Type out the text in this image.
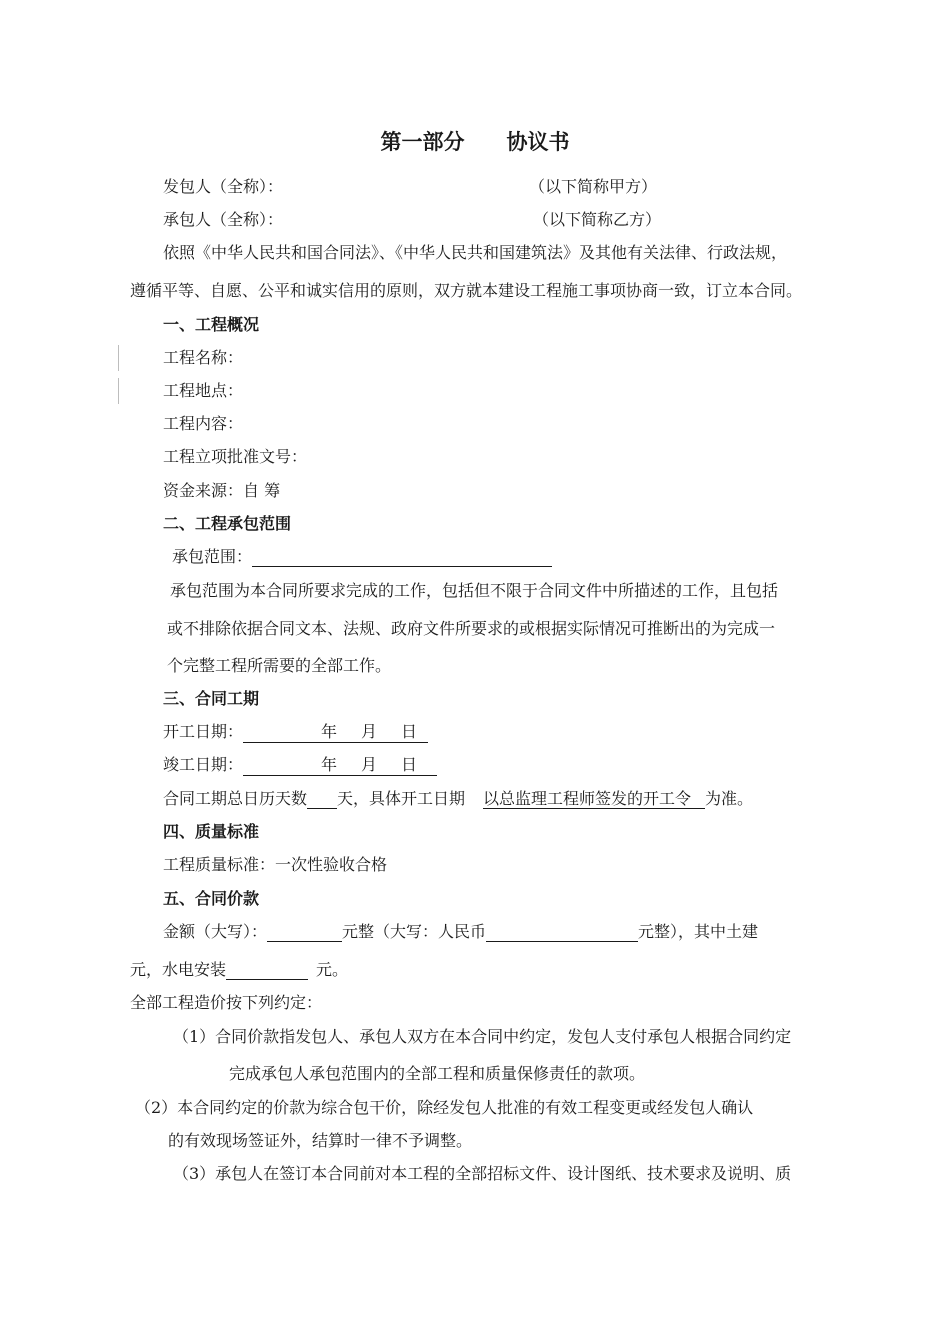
第一部分 协议书
发包人（全称）：	（以下简称甲方）
承包人（全称）：	（以下简称乙方）
依照《中华人民共和国合同法》、《中华人民共和国建筑法》及其他有关法律、行政法规，
遵循平等、自愿、公平和诚实信用的原则，双方就本建设工程施工事项协商一致，订立本合同。
一、工程概况
工程名称：
工程地点：
工程内容：
工程立项批准文号：
资金来源：自 筹
二、工程承包范围
承包范围：
承包范围为本合同所要求完成的工作，包括但不限于合同文件中所描述的工作，且包括
或不排除依据合同文本、法规、政府文件所要求的或根据实际情况可推断出的为完成一
个完整工程所需要的全部工作。
三、合同工期
开工日期：	年 月 日
竣工日期：	年 月 日
合同工期总日历天数 天，具体开工日期 以总监理工程师签发的开工令 为准。
四、质量标准
工程质量标准：一次性验收合格
五、合同价款
金额（大写）：	元整（大写：人民币	元整），其中土建
元，水电安装	元。
全部工程造价按下列约定：
（1）合同价款指发包人、承包人双方在本合同中约定，发包人支付承包人根据合同约定
完成承包人承包范围内的全部工程和质量保修责任的款项。
（2）本合同约定的价款为综合包干价，除经发包人批准的有效工程变更或经发包人确认
的有效现场签证外，结算时一律不予调整。
（3）承包人在签订本合同前对本工程的全部招标文件、设计图纸、技术要求及说明、质
